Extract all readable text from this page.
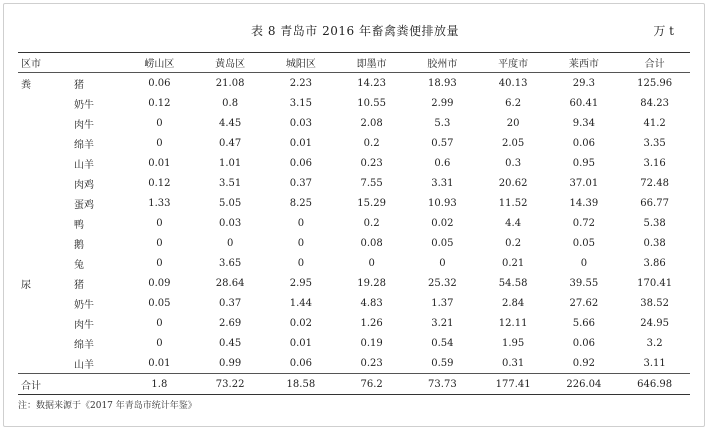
表 8 青岛市 2016 年畜禽粪便排放量	万 t
区市		崂山区	黄岛区	城阳区	即墨市	胶州市	平度市	莱西市	合计
粪	猪	0.06	21.08	2.23	14.23	18.93	40.13	29.3	125.96
	奶牛	0.12	0.8	3.15	10.55	2.99	6.2	60.41	84.23
	肉牛	0	4.45	0.03	2.08	5.3	20	9.34	41.2
	绵羊	0	0.47	0.01	0.2	0.57	2.05	0.06	3.35
	山羊	0.01	1.01	0.06	0.23	0.6	0.3	0.95	3.16
	肉鸡	0.12	3.51	0.37	7.55	3.31	20.62	37.01	72.48
	蛋鸡	1.33	5.05	8.25	15.29	10.93	11.52	14.39	66.77
	鸭	0	0.03	0	0.2	0.02	4.4	0.72	5.38
	鹅	0	0	0	0.08	0.05	0.2	0.05	0.38
	兔	0	3.65	0	0	0	0.21	0	3.86
尿	猪	0.09	28.64	2.95	19.28	25.32	54.58	39.55	170.41
	奶牛	0.05	0.37	1.44	4.83	1.37	2.84	27.62	38.52
	肉牛	0	2.69	0.02	1.26	3.21	12.11	5.66	24.95
	绵羊	0	0.45	0.01	0.19	0.54	1.95	0.06	3.2
	山羊	0.01	0.99	0.06	0.23	0.59	0.31	0.92	3.11
合计		1.8	73.22	18.58	76.2	73.73	177.41	226.04	646.98
注：数据来源于《2017 年青岛市统计年鉴》
